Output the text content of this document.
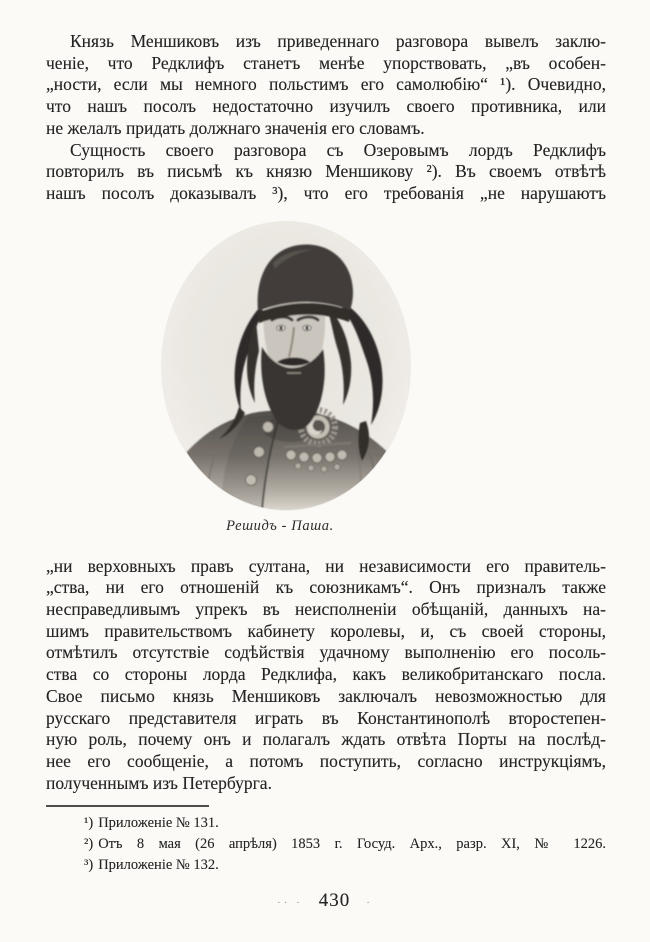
Князь Меншиковъ изъ приведеннаго разговора вывелъ заклю-
ченіе, что Редклифъ станетъ менѣе упорствовать, „въ особен-
„ности, если мы немного польстимъ его самолюбію“ ¹). Очевидно,
что нашъ посолъ недостаточно изучилъ своего противника, или
не желалъ придать должнаго значенія его словамъ.
Сущность своего разговора съ Озеровымъ лордъ Редклифъ
повторилъ въ письмѣ къ князю Меншикову ²). Въ своемъ отвѣтѣ
нашъ посолъ доказывалъ ³), что его требованія „не нарушаютъ
Решидъ - Паша.
„ни верховныхъ правъ султана, ни независимости его правитель-
„ства, ни его отношеній къ союзникамъ“. Онъ призналъ также
несправедливымъ упрекъ въ неисполненіи обѣщаній, данныхъ на-
шимъ правительствомъ кабинету королевы, и, съ своей стороны,
отмѣтилъ отсутствіе содѣйствія удачному выполненію его посоль-
ства со стороны лорда Редклифа, какъ великобританскаго посла.
Свое письмо князь Меншиковъ заключалъ невозможностью для
русскаго представителя играть въ Константинополѣ второстепен-
ную роль, почему онъ и полагалъ ждать отвѣта Порты на послѣд-
нее его сообщеніе, а потомъ поступить, согласно инструкціямъ,
полученнымъ изъ Петербурга.
¹) Приложеніе № 131.
²) Отъ 8 мая (26 апрѣля) 1853 г. Госуд. Арх., разр. XI, № 1226.
³) Приложеніе № 132.
·· · 430 ·
